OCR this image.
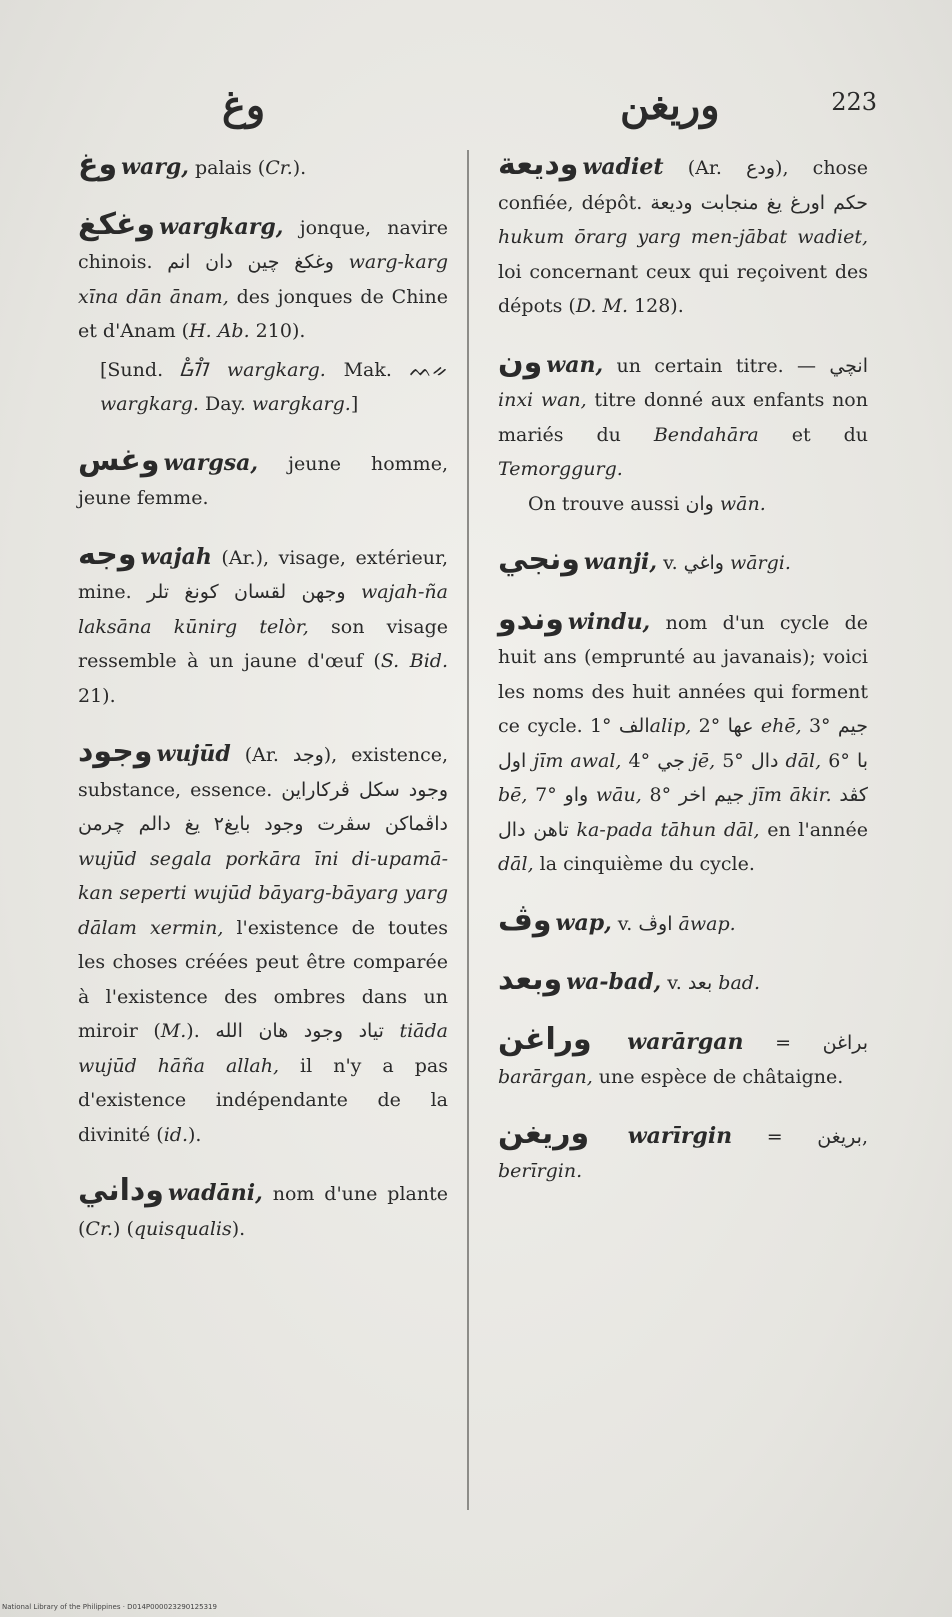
وغ	وريغن	223
وغ warg, palais (Cr.).
وغكغ wargkarg, jonque, navire chinois. وغكغ چين دان انم warg-karg xīna dān ānam, des jonques de Chine et d'Anam (H. Ab. 210).
[Sund. ᮝᮀᮊᮀ wargkarg. Mak. ᨓᨀ wargkarg. Day. wargkarg.]
وغس wargsa, jeune homme, jeune femme.
وجه wajah (Ar.), visage, extérieur, mine. وجهن لقسان كونغ تلر wajah-ña laksāna kūnirg telòr, son visage ressemble à un jaune d'œuf (S. Bid. 21).
وجود wujūd (Ar. وجد), existence, substance, essence. وجود سكل ڤركاراين داڤماكن سڤرت وجود بايغ٢ يغ دالم چرمن wujūd segala porkāra īni di-upamā-kan seperti wujūd bāyarg-bāyarg yarg dālam xermin, l'existence de toutes les choses créées peut être comparée à l'existence des ombres dans un miroir (M.). تياد وجود هان الله tiāda wujūd hāña allah, il n'y a pas d'existence indépendante de la divinité (id.).
وداني wadāni, nom d'une plante (Cr.) (quisqualis).
وديعة wadiet (Ar. ودع), chose confiée, dépôt. حكم اورغ يغ منجابت وديعة hukum ōrarg yarg men-jābat wadiet, loi concernant ceux qui reçoivent des dépots (D. M. 128).
ون wan, un certain titre. — انچي inxi wan, titre donné aux enfants non mariés du Bendahāra et du Temorggurg.
On trouve aussi وان wān.
ونجي wanji, v. واغي wārgi.
وندو windu, nom d'un cycle de huit ans (emprunté au javanais); voici les noms des huit années qui forment ce cycle. 1° الفalip, 2° عها ehē, 3° جيم اول jīm awal, 4° جي jē, 5° دال dāl, 6° با bē, 7° واو wāu, 8° جيم اخر jīm ākir. كڤد تاهن دال ka-pada tāhun dāl, en l'année dāl, la cinquième du cycle.
وڤ wap, v. اوڤ āwap.
وبعد wa-bad, v. بعد bad.
وراغن warārgan = براغن barārgan, une espèce de châtaigne.
وريغن warīrgin = بريغن, berīrgin.
National Library of the Philippines · D014P000023290125319
